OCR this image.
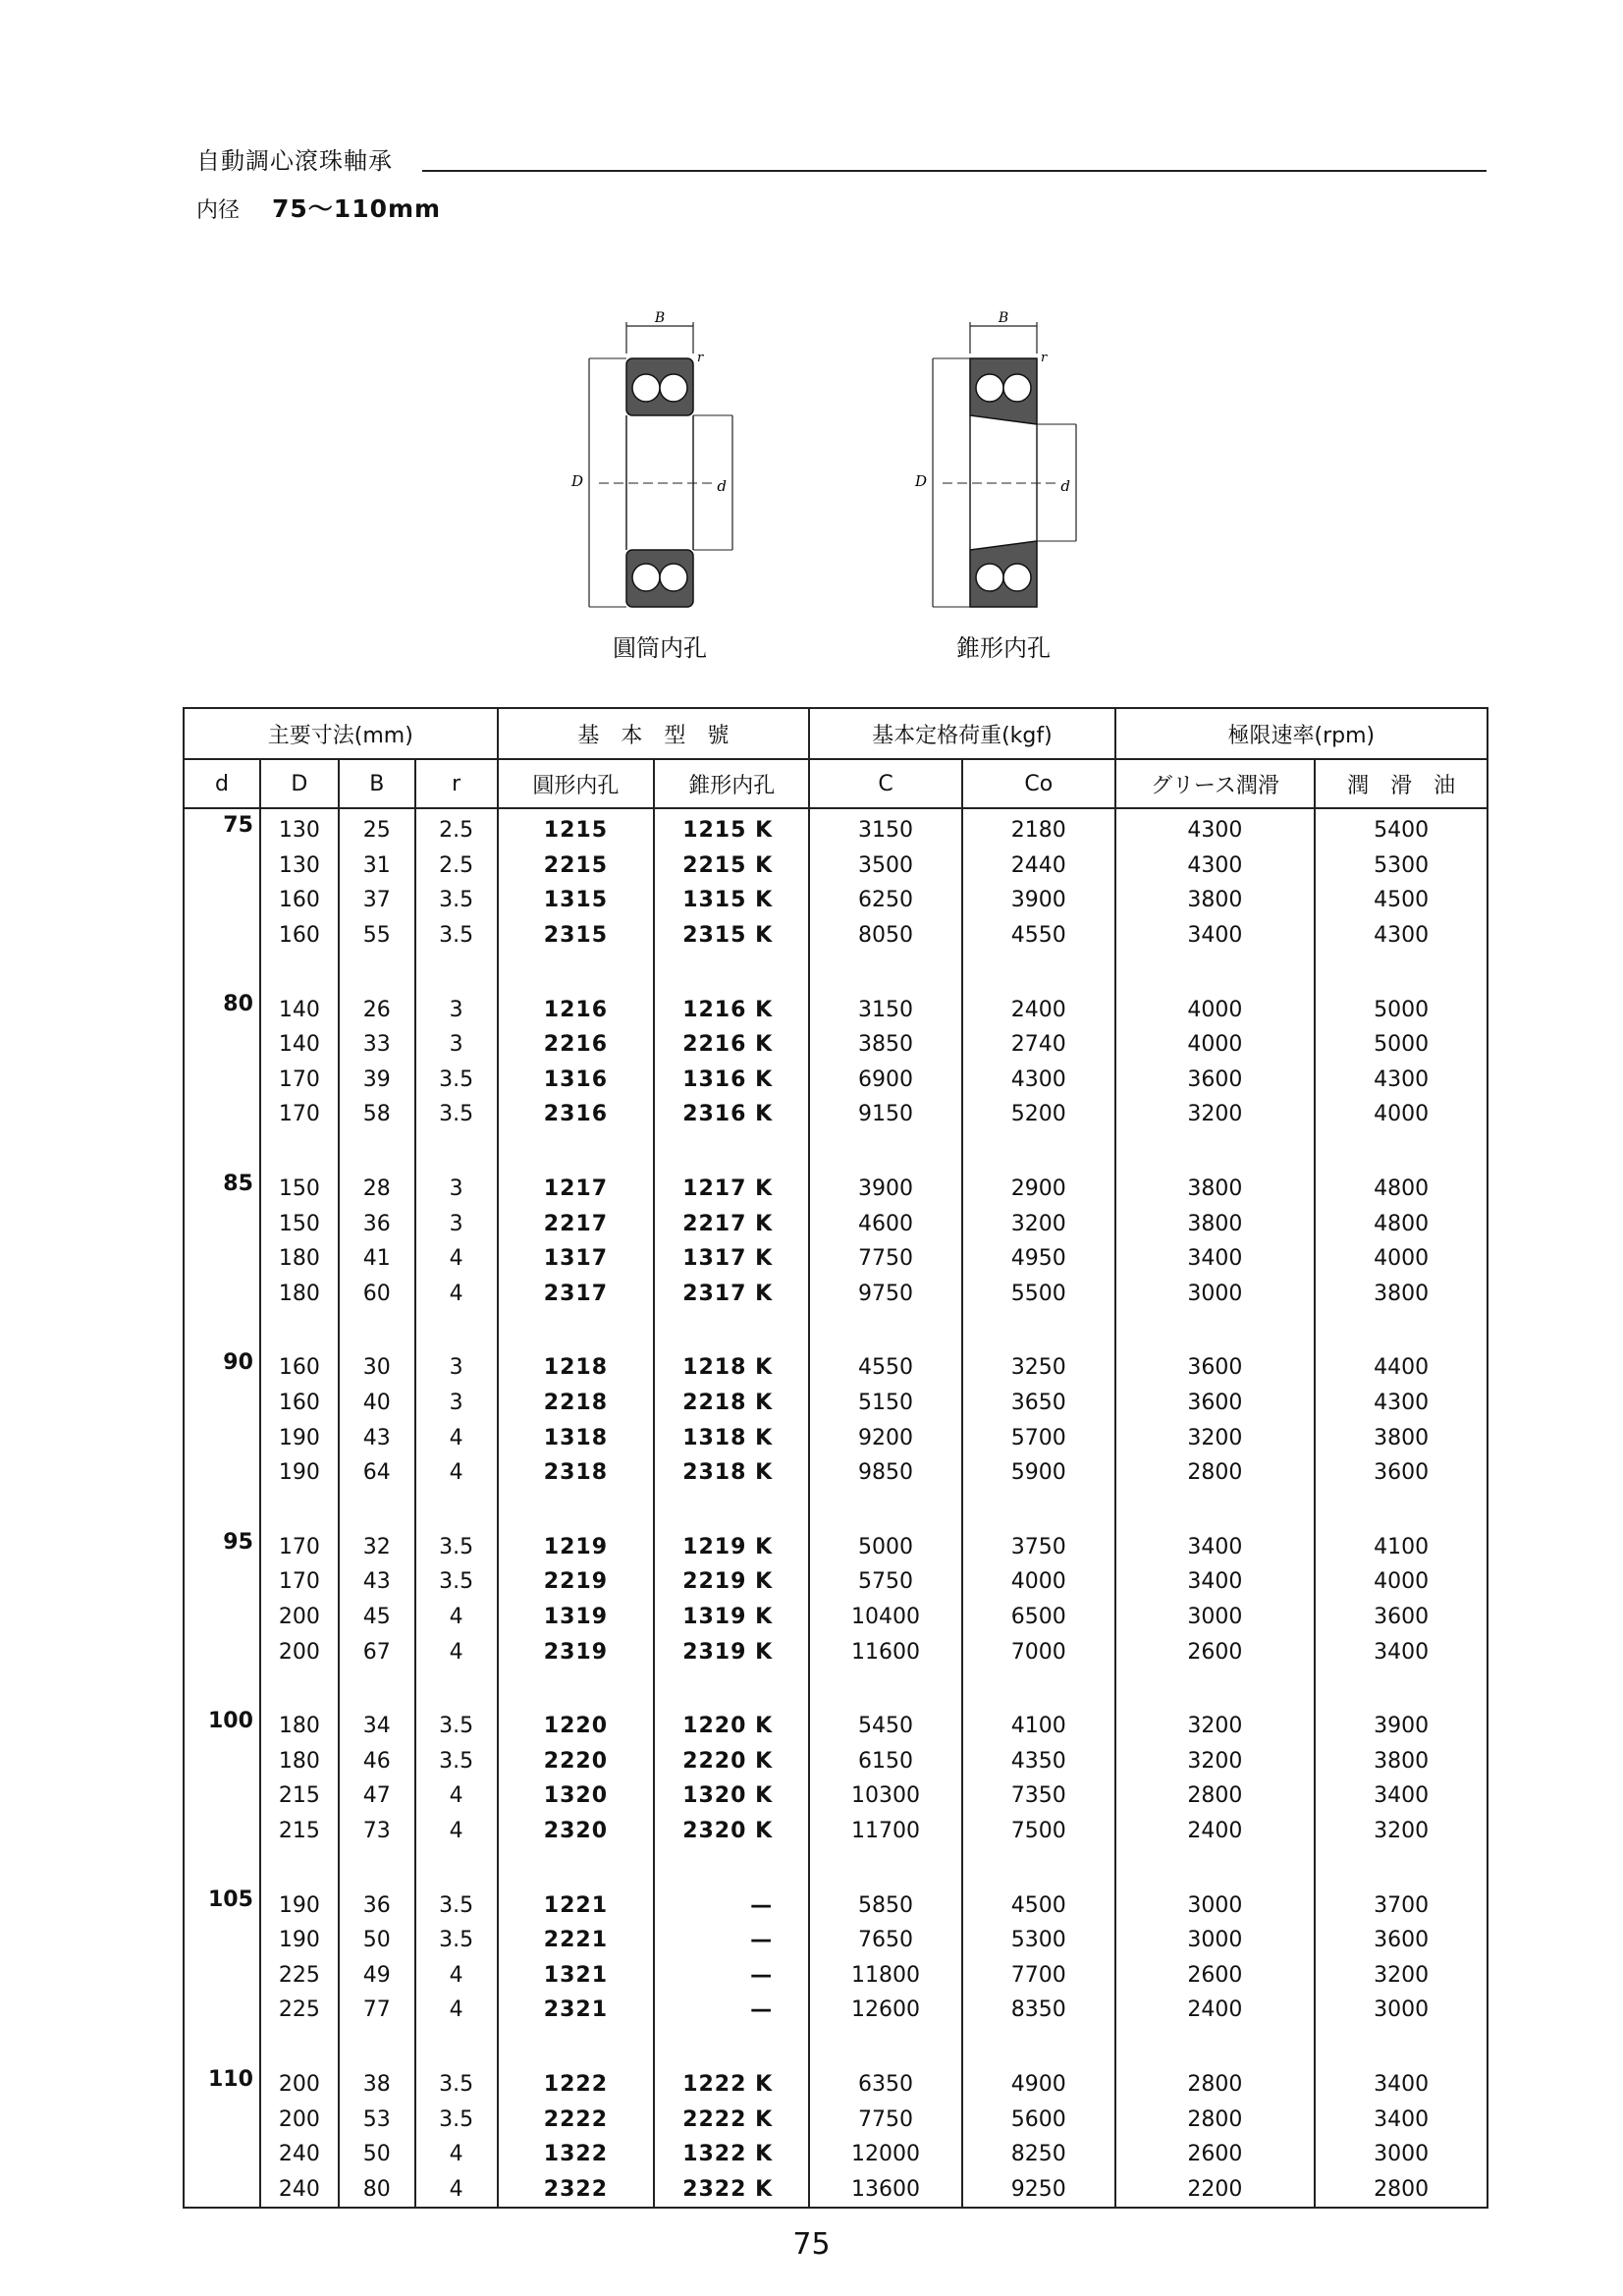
自動調心滾珠軸承
内径 75～110mm
B
r
D	d
圓筒内孔
B
r
D	d
錐形内孔
主要寸法(mm)				基　本　型　號		基本定格荷重(kgf)		極限速率(rpm)	
d	D	B	r	圓形内孔	錐形内孔	C	Co	グリース潤滑	潤　滑　油
75	130	25	2.5	1215	1215 K	3150	2180	4300	5400
	130	31	2.5	2215	2215 K	3500	2440	4300	5300
	160	37	3.5	1315	1315 K	6250	3900	3800	4500
	160	55	3.5	2315	2315 K	8050	4550	3400	4300

80	140	26	3	1216	1216 K	3150	2400	4000	5000
	140	33	3	2216	2216 K	3850	2740	4000	5000
	170	39	3.5	1316	1316 K	6900	4300	3600	4300
	170	58	3.5	2316	2316 K	9150	5200	3200	4000

85	150	28	3	1217	1217 K	3900	2900	3800	4800
	150	36	3	2217	2217 K	4600	3200	3800	4800
	180	41	4	1317	1317 K	7750	4950	3400	4000
	180	60	4	2317	2317 K	9750	5500	3000	3800

90	160	30	3	1218	1218 K	4550	3250	3600	4400
	160	40	3	2218	2218 K	5150	3650	3600	4300
	190	43	4	1318	1318 K	9200	5700	3200	3800
	190	64	4	2318	2318 K	9850	5900	2800	3600

95	170	32	3.5	1219	1219 K	5000	3750	3400	4100
	170	43	3.5	2219	2219 K	5750	4000	3400	4000
	200	45	4	1319	1319 K	10400	6500	3000	3600
	200	67	4	2319	2319 K	11600	7000	2600	3400

100	180	34	3.5	1220	1220 K	5450	4100	3200	3900
	180	46	3.5	2220	2220 K	6150	4350	3200	3800
	215	47	4	1320	1320 K	10300	7350	2800	3400
	215	73	4	2320	2320 K	11700	7500	2400	3200

105	190	36	3.5	1221	—	5850	4500	3000	3700
	190	50	3.5	2221	—	7650	5300	3000	3600
	225	49	4	1321	—	11800	7700	2600	3200
	225	77	4	2321	—	12600	8350	2400	3000

110	200	38	3.5	1222	1222 K	6350	4900	2800	3400
	200	53	3.5	2222	2222 K	7750	5600	2800	3400
	240	50	4	1322	1322 K	12000	8250	2600	3000
	240	80	4	2322	2322 K	13600	9250	2200	2800
75
